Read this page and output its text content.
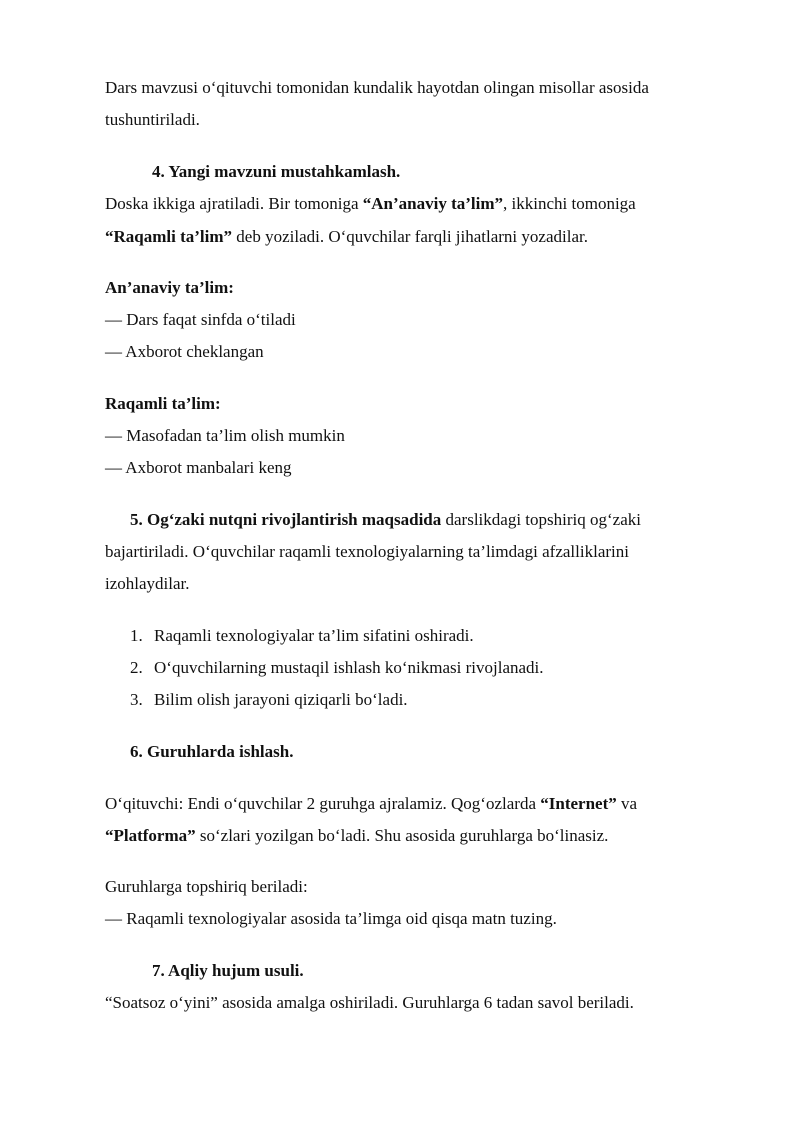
Dars mavzusi o‘qituvchi tomonidan kundalik hayotdan olingan misollar asosida
tushuntiriladi.
4. Yangi mavzuni mustahkamlash.
Doska ikkiga ajratiladi. Bir tomoniga “An’anaviy ta’lim”, ikkinchi tomoniga
“Raqamli ta’lim” deb yoziladi. O‘quvchilar farqli jihatlarni yozadilar.
An’anaviy ta’lim:
— Dars faqat sinfda o‘tiladi
— Axborot cheklangan
Raqamli ta’lim:
— Masofadan ta’lim olish mumkin
— Axborot manbalari keng
5. Og‘zaki nutqni rivojlantirish maqsadida darslikdagi topshiriq og‘zaki
bajartiriladi. O‘quvchilar raqamli texnologiyalarning ta’limdagi afzalliklarini
izohlaydilar.
1. Raqamli texnologiyalar ta’lim sifatini oshiradi.
2. O‘quvchilarning mustaqil ishlash ko‘nikmasi rivojlanadi.
3. Bilim olish jarayoni qiziqarli bo‘ladi.
6. Guruhlarda ishlash.
O‘qituvchi: Endi o‘quvchilar 2 guruhga ajralamiz. Qog‘ozlarda “Internet” va
“Platforma” so‘zlari yozilgan bo‘ladi. Shu asosida guruhlarga bo‘linasiz.
Guruhlarga topshiriq beriladi:
— Raqamli texnologiyalar asosida ta’limga oid qisqa matn tuzing.
7. Aqliy hujum usuli.
“Soatsoz o‘yini” asosida amalga oshiriladi. Guruhlarga 6 tadan savol beriladi.
